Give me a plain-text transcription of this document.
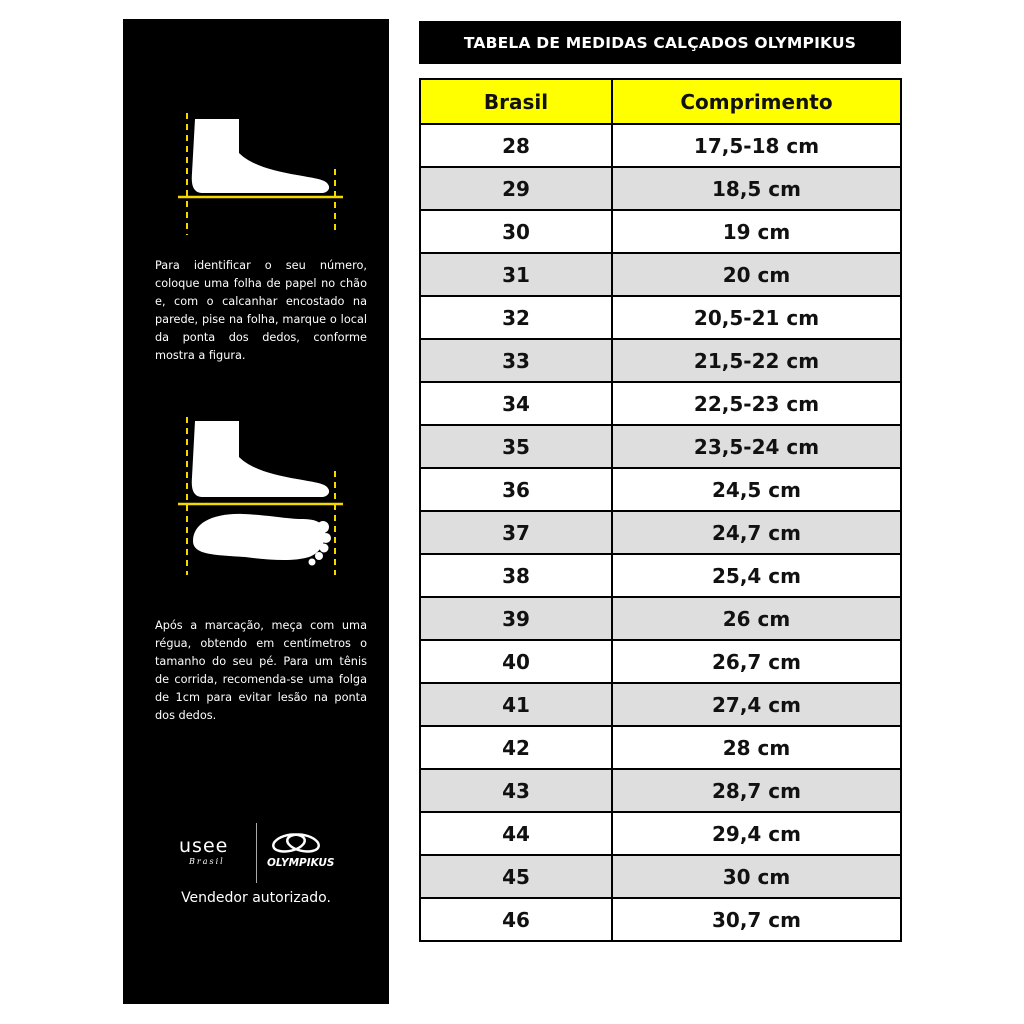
Para identificar o seu número, coloque uma folha de papel no chão e, com o calcanhar encostado na parede, pise na folha, marque o local da ponta dos dedos, conforme mostra a figura.
Após a marcação, meça com uma régua, obtendo em centímetros o tamanho do seu pé. Para um tênis de corrida, recomenda-se uma folga de 1cm para evitar lesão na ponta dos dedos.
usee
Brasil	OLYMPIKUS
Vendedor autorizado.
TABELA DE MEDIDAS CALÇADOS OLYMPIKUS
Brasil	Comprimento
28	17,5-18 cm
29	18,5 cm
30	19 cm
31	20 cm
32	20,5-21 cm
33	21,5-22 cm
34	22,5-23 cm
35	23,5-24 cm
36	24,5 cm
37	24,7 cm
38	25,4 cm
39	26 cm
40	26,7 cm
41	27,4 cm
42	28 cm
43	28,7 cm
44	29,4 cm
45	30 cm
46	30,7 cm
